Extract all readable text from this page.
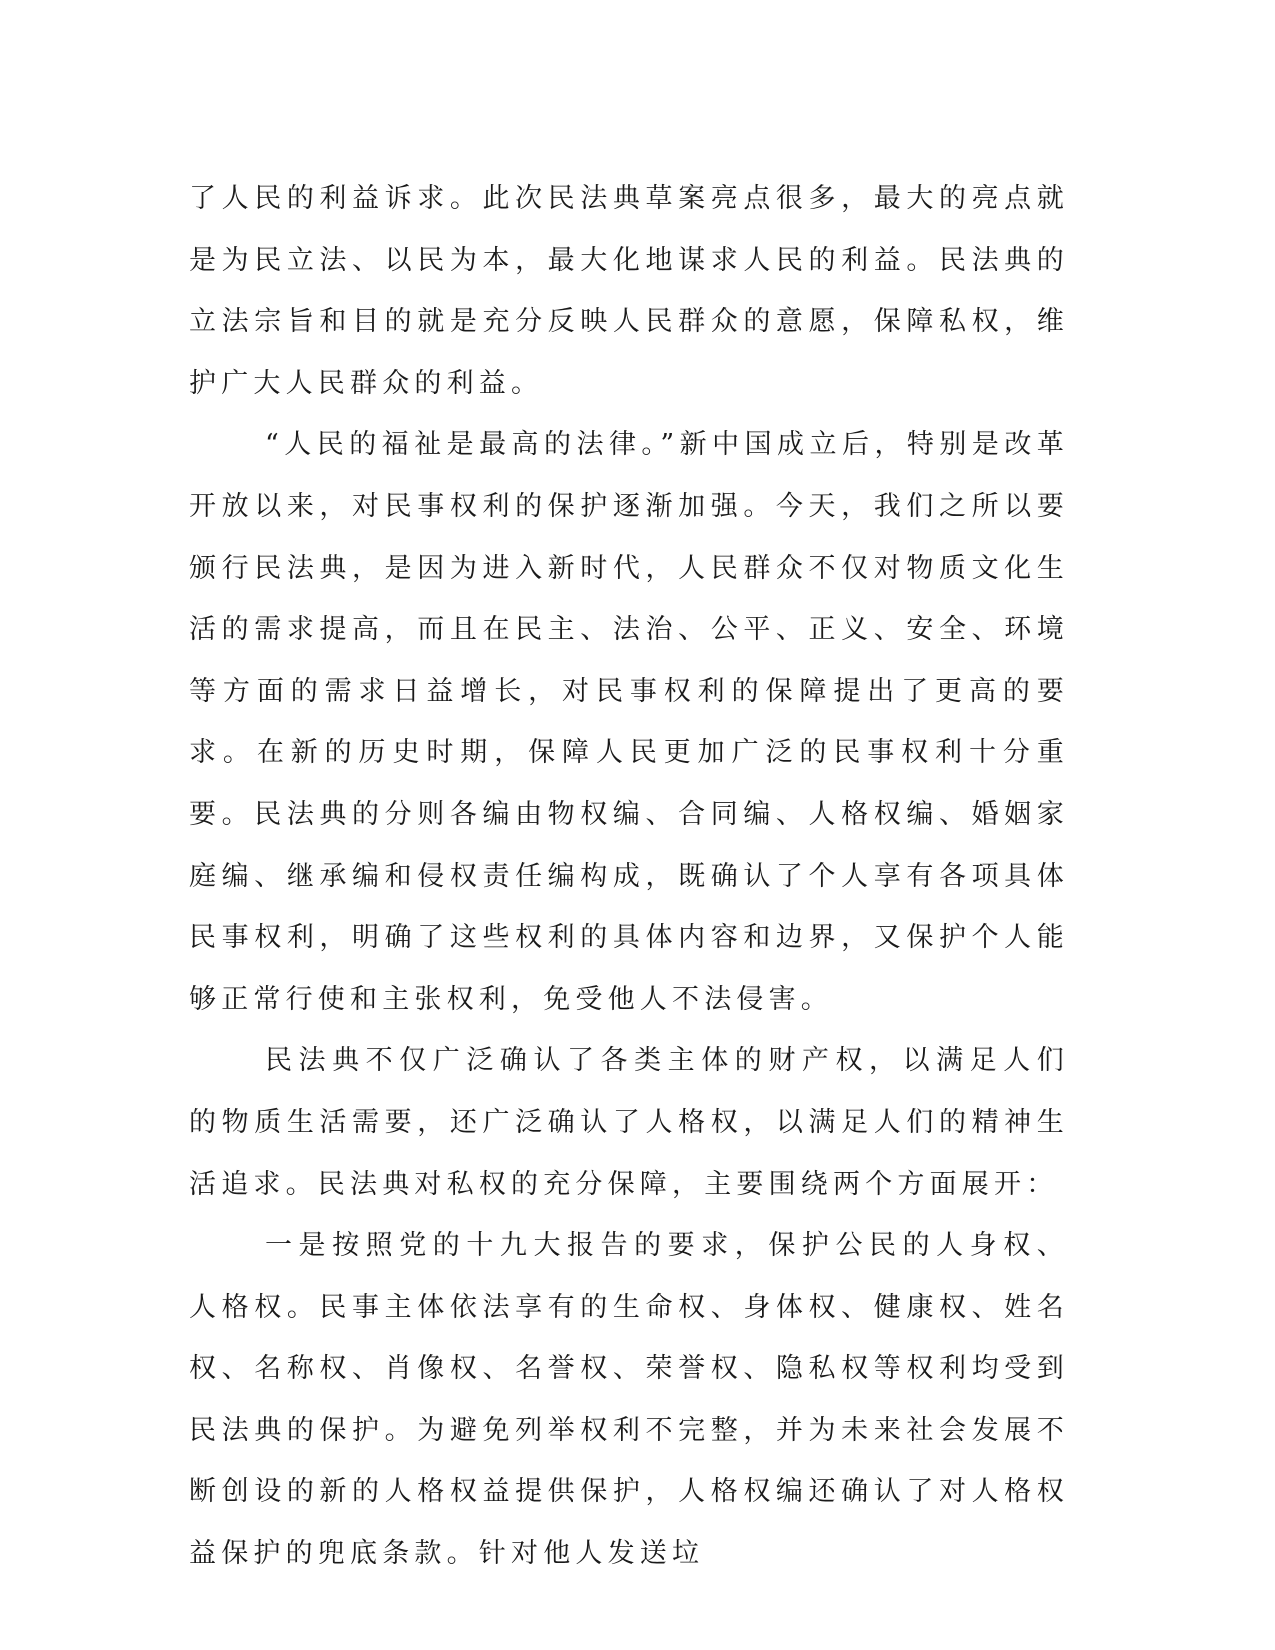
了人民的利益诉求。此次民法典草案亮点很多，最大的亮点就是为民立法、以民为本，最大化地谋求人民的利益。民法典的立法宗旨和目的就是充分反映人民群众的意愿，保障私权，维护广大人民群众的利益。

“人民的福祉是最高的法律。”新中国成立后，特别是改革开放以来，对民事权利的保护逐渐加强。今天，我们之所以要颁行民法典，是因为进入新时代，人民群众不仅对物质文化生活的需求提高，而且在民主、法治、公平、正义、安全、环境等方面的需求日益增长，对民事权利的保障提出了更高的要求。在新的历史时期，保障人民更加广泛的民事权利十分重要。民法典的分则各编由物权编、合同编、人格权编、婚姻家庭编、继承编和侵权责任编构成，既确认了个人享有各项具体民事权利，明确了这些权利的具体内容和边界，又保护个人能够正常行使和主张权利，免受他人不法侵害。

民法典不仅广泛确认了各类主体的财产权，以满足人们的物质生活需要，还广泛确认了人格权，以满足人们的精神生活追求。民法典对私权的充分保障，主要围绕两个方面展开：

一是按照党的十九大报告的要求，保护公民的人身权、人格权。民事主体依法享有的生命权、身体权、健康权、姓名权、名称权、肖像权、名誉权、荣誉权、隐私权等权利均受到民法典的保护。为避免列举权利不完整，并为未来社会发展不断创设的新的人格权益提供保护，人格权编还确认了对人格权益保护的兜底条款。针对他人发送垃
